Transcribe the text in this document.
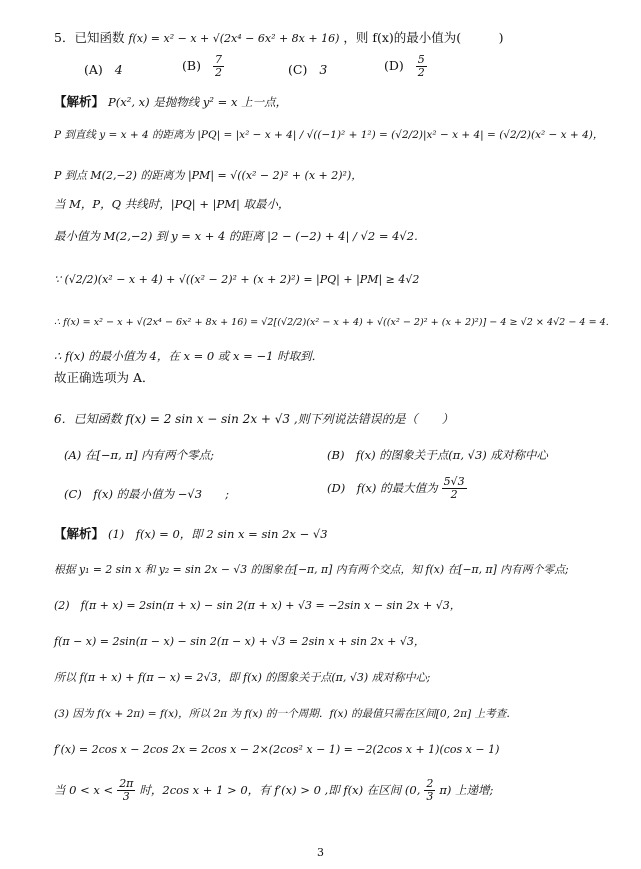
5．已知函数 f(x) = x² − x + √(2x⁴ − 6x² + 8x + 16) ，则 f(x)的最小值为(　　　)
(A) 4	$(B) \frac{7}{2}$	(C) 3	$(D) \frac{5}{2}$
【解析】 P(x², x) 是抛物线 y² = x 上一点，
P 到直线 y = x + 4 的距离为 |PQ| = |x² − x + 4| / √((−1)² + 1²) = (√2/2)|x² − x + 4| = (√2/2)(x² − x + 4)，
P 到点 M(2,−2) 的距离为 |PM| = √((x² − 2)² + (x + 2)²)，
当 M，P，Q 共线时，|PQ| + |PM| 取最小，
最小值为 M(2,−2) 到 y = x + 4 的距离 |2 − (−2) + 4| / √2 = 4√2.
∵ (√2/2)(x² − x + 4) + √((x² − 2)² + (x + 2)²) = |PQ| + |PM| ≥ 4√2
∴ f(x) = x² − x + √(2x⁴ − 6x² + 8x + 16) = √2[(√2/2)(x² − x + 4) + √((x² − 2)² + (x + 2)²)] − 4 ≥ √2 × 4√2 − 4 = 4.
∴ f(x) 的最小值为 4，在 x = 0 或 x = −1 时取到．
故正确选项为 A．
6．已知函数 f(x) = 2 sin x − sin 2x + √3 ,则下列说法错误的是（　　）
(A) 在[−π, π] 内有两个零点;	(B)　f(x) 的图象关于点(π, √3) 成对称中心
(C)　f(x) 的最小值为 −√3　　;	(D)　f(x) 的最大值为 $\frac{5√3}{2}$
【解析】 (1)　f(x) = 0，即 2 sin x = sin 2x − √3
根据 y₁ = 2 sin x 和 y₂ = sin 2x − √3 的图象在[−π, π] 内有两个交点，知 f(x) 在[−π, π] 内有两个零点;
(2)　f(π + x) = 2sin(π + x) − sin 2(π + x) + √3 = −2sin x − sin 2x + √3，
f(π − x) = 2sin(π − x) − sin 2(π − x) + √3 = 2sin x + sin 2x + √3，
所以 f(π + x) + f(π − x) = 2√3，即 f(x) 的图象关于点(π, √3) 成对称中心;
(3) 因为 f(x + 2π) = f(x)，所以 2π 为 f(x) 的一个周期．f(x) 的最值只需在区间[0, 2π] 上考查．
f′(x) = 2cos x − 2cos 2x = 2cos x − 2×(2cos² x − 1) = −2(2cos x + 1)(cos x − 1)
当 $0 < x < \frac{2\pi}{3}$ 时，2cos x + 1 > 0，有 f′(x) > 0 ,即 f(x) 在区间 (0, $\frac{2}{3} \pi$) 上递增;
3
